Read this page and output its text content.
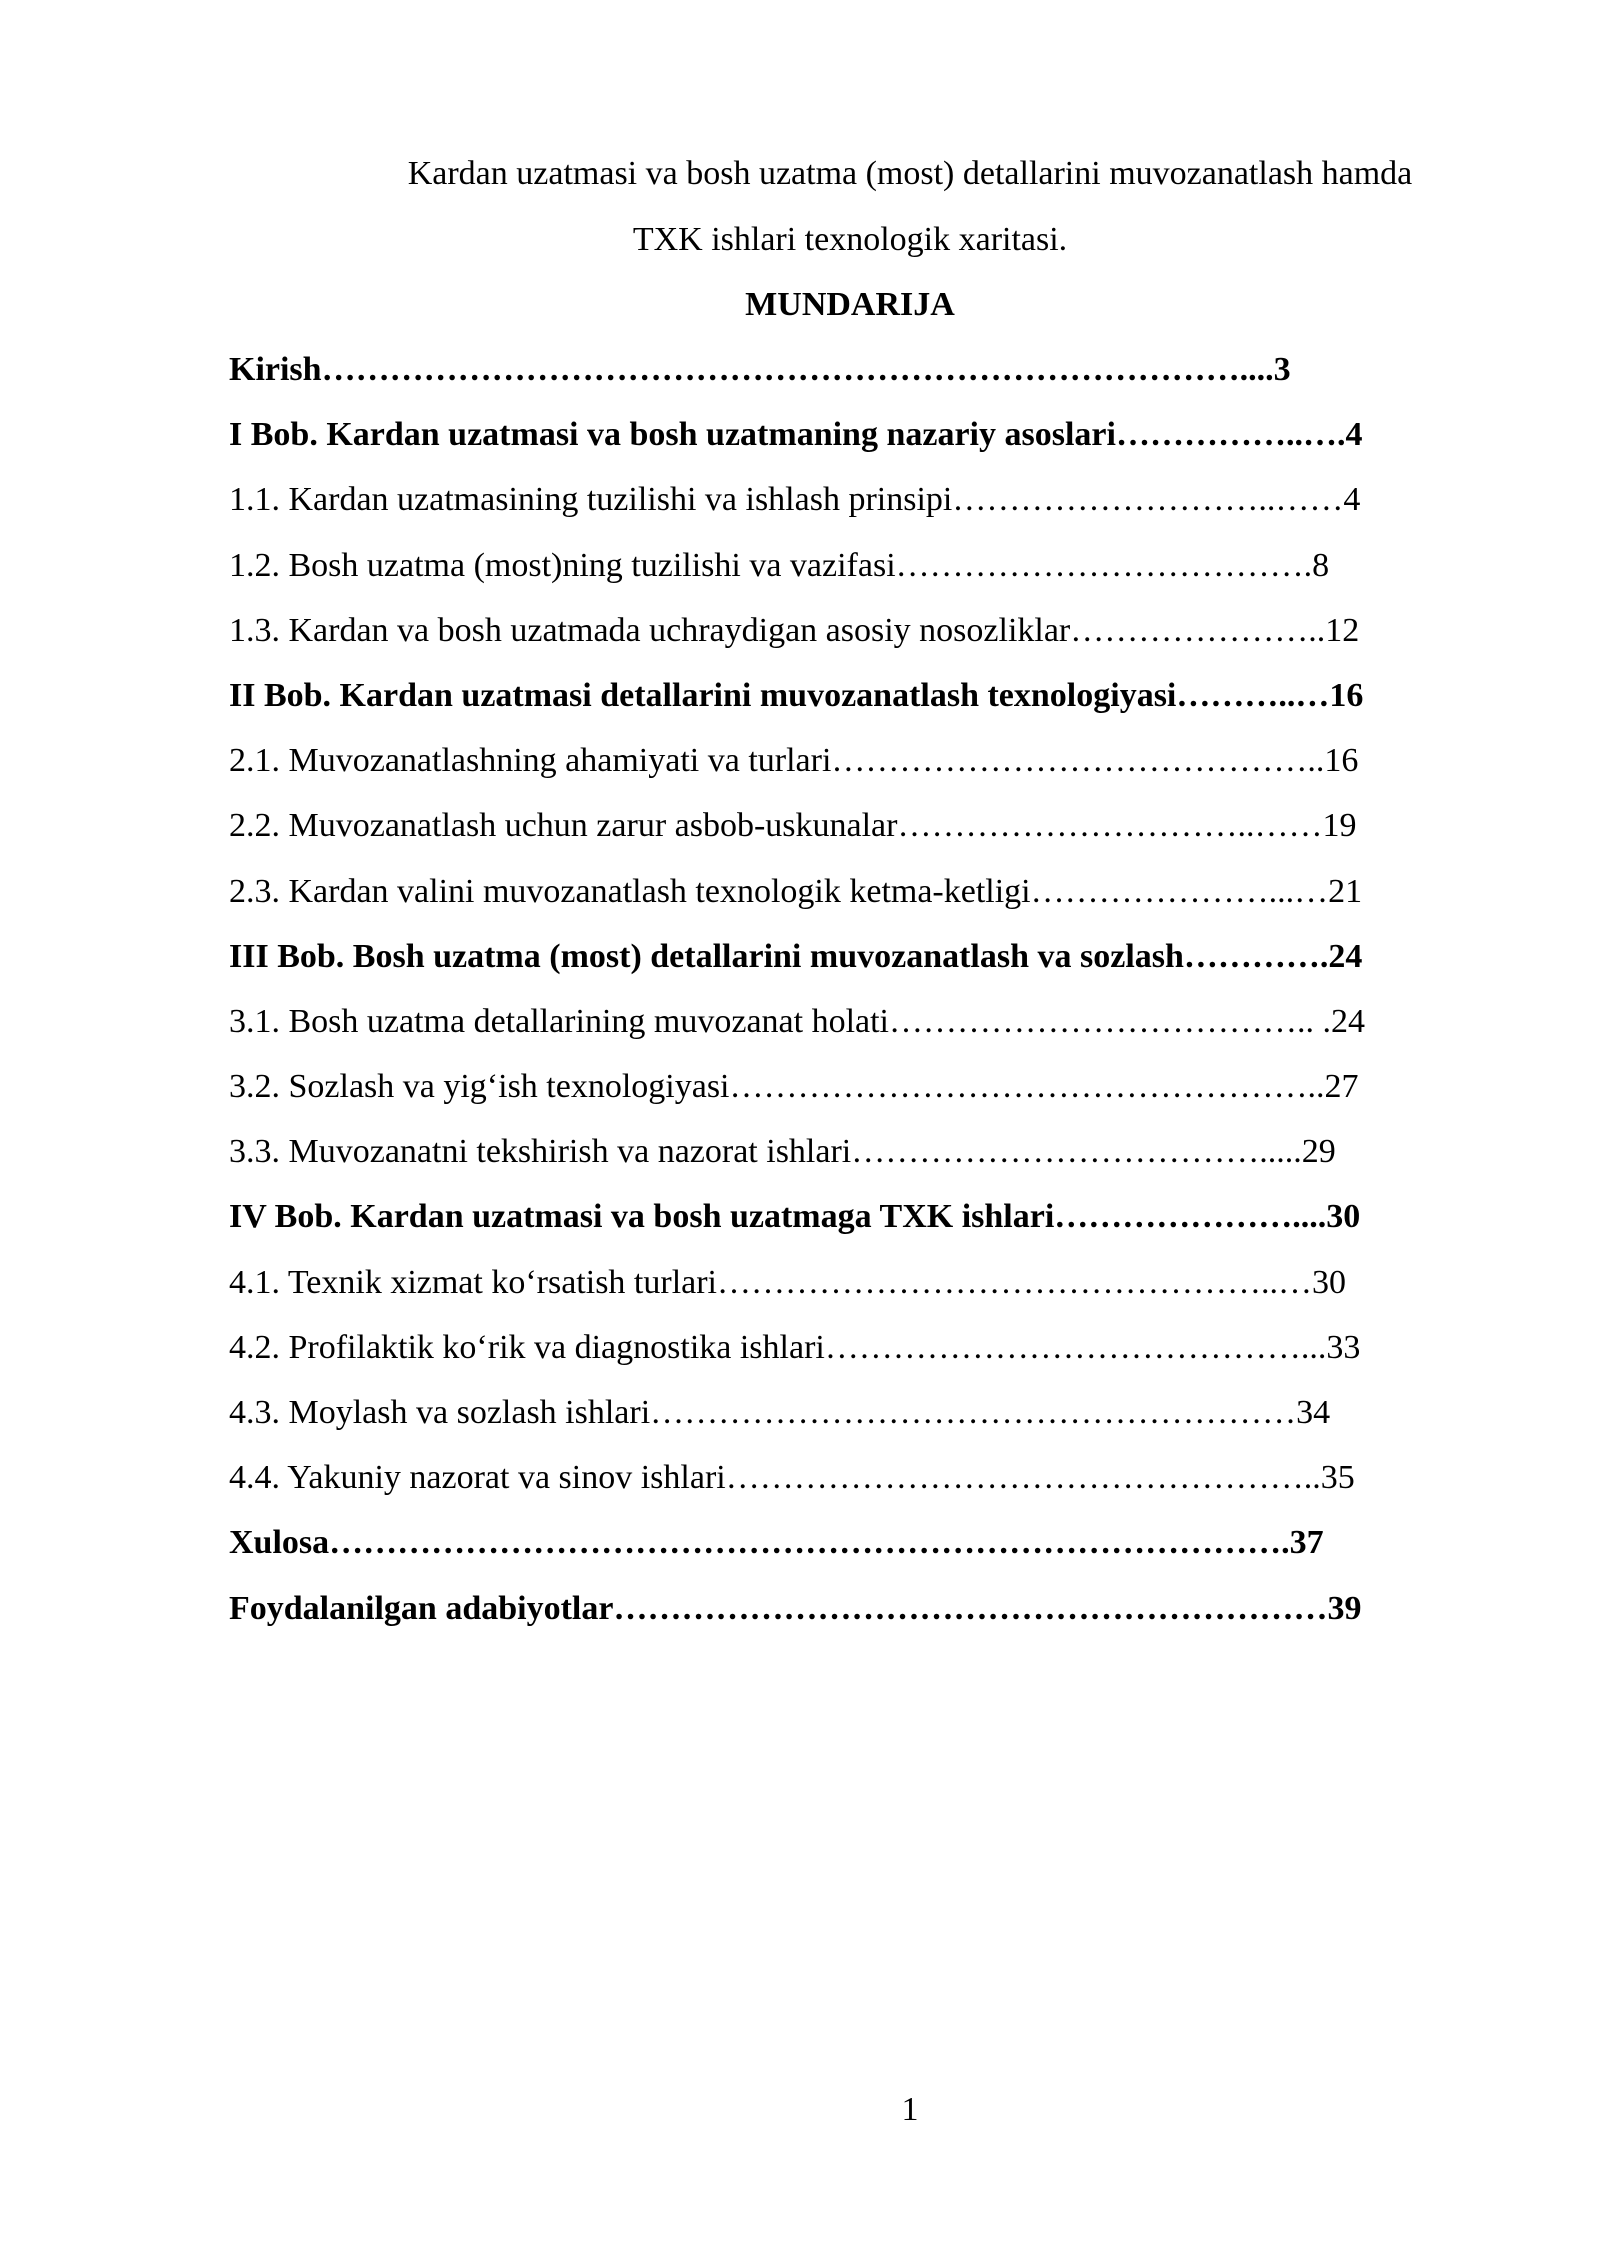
Kardan uzatmasi va bosh uzatma (most) detallarini muvozanatlash hamda

TXK ishlari texnologik xaritasi.

MUNDARIJA
Kirish………………………………………………………………………....3
I Bob. Kardan uzatmasi va bosh uzatmaning nazariy asoslari……………..….4
1.1. Kardan uzatmasining tuzilishi va ishlash prinsipi………………………..……4
1.2. Bosh uzatma (most)ning tuzilishi va vazifasi……………………………….8
1.3. Kardan va bosh uzatmada uchraydigan asosiy nosozliklar…………………..12
II Bob. Kardan uzatmasi detallarini muvozanatlash texnologiyasi………..…16
2.1. Muvozanatlashning ahamiyati va turlari……………………………………..16
2.2. Muvozanatlash uchun zarur asbob-uskunalar…………………………..……19
2.3. Kardan valini muvozanatlash texnologik ketma-ketligi…………………...…21
III Bob. Bosh uzatma (most) detallarini muvozanatlash va sozlash………….24
3.1. Bosh uzatma detallarining muvozanat holati……………………………….. .24
3.2. Sozlash va yig‘ish texnologiyasi……………………………………………..27
3.3. Muvozanatni tekshirish va nazorat ishlari……………………………….....29
IV Bob. Kardan uzatmasi va bosh uzatmaga TXK ishlari…………………....30
4.1. Texnik xizmat ko‘rsatish turlari…………………………………………..…30
4.2. Profilaktik ko‘rik va diagnostika ishlari……………………………………...33
4.3. Moylash va sozlash ishlari…………………………………………………34
4.4. Yakuniy nazorat va sinov ishlari……………………………………………..35
Xulosa………………………………………………………………………….37
Foydalanilgan adabiyotlar………………………………………………………39
1
